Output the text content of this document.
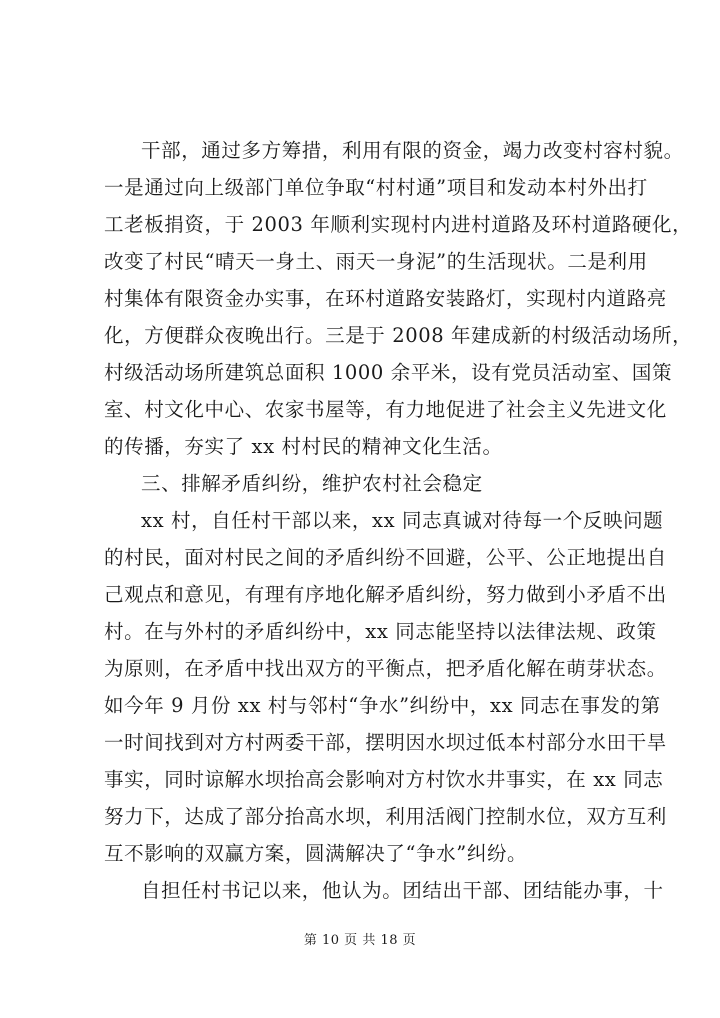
干部，通过多方筹措，利用有限的资金，竭力改变村容村貌。
一是通过向上级部门单位争取“村村通”项目和发动本村外出打
工老板捐资，于 2003 年顺利实现村内进村道路及环村道路硬化，
改变了村民“晴天一身土、雨天一身泥”的生活现状。二是利用
村集体有限资金办实事，在环村道路安装路灯，实现村内道路亮
化，方便群众夜晚出行。三是于 2008 年建成新的村级活动场所，
村级活动场所建筑总面积 1000 余平米，设有党员活动室、国策
室、村文化中心、农家书屋等，有力地促进了社会主义先进文化
的传播，夯实了 xx 村村民的精神文化生活。
三、排解矛盾纠纷，维护农村社会稳定
xx 村，自任村干部以来，xx 同志真诚对待每一个反映问题
的村民，面对村民之间的矛盾纠纷不回避，公平、公正地提出自
己观点和意见，有理有序地化解矛盾纠纷，努力做到小矛盾不出
村。在与外村的矛盾纠纷中，xx 同志能坚持以法律法规、政策
为原则，在矛盾中找出双方的平衡点，把矛盾化解在萌芽状态。
如今年 9 月份 xx 村与邻村“争水”纠纷中，xx 同志在事发的第
一时间找到对方村两委干部，摆明因水坝过低本村部分水田干旱
事实，同时谅解水坝抬高会影响对方村饮水井事实，在 xx 同志
努力下，达成了部分抬高水坝，利用活阀门控制水位，双方互利
互不影响的双赢方案，圆满解决了“争水”纠纷。
自担任村书记以来，他认为。团结出干部、团结能办事，十
第 10 页 共 18 页
